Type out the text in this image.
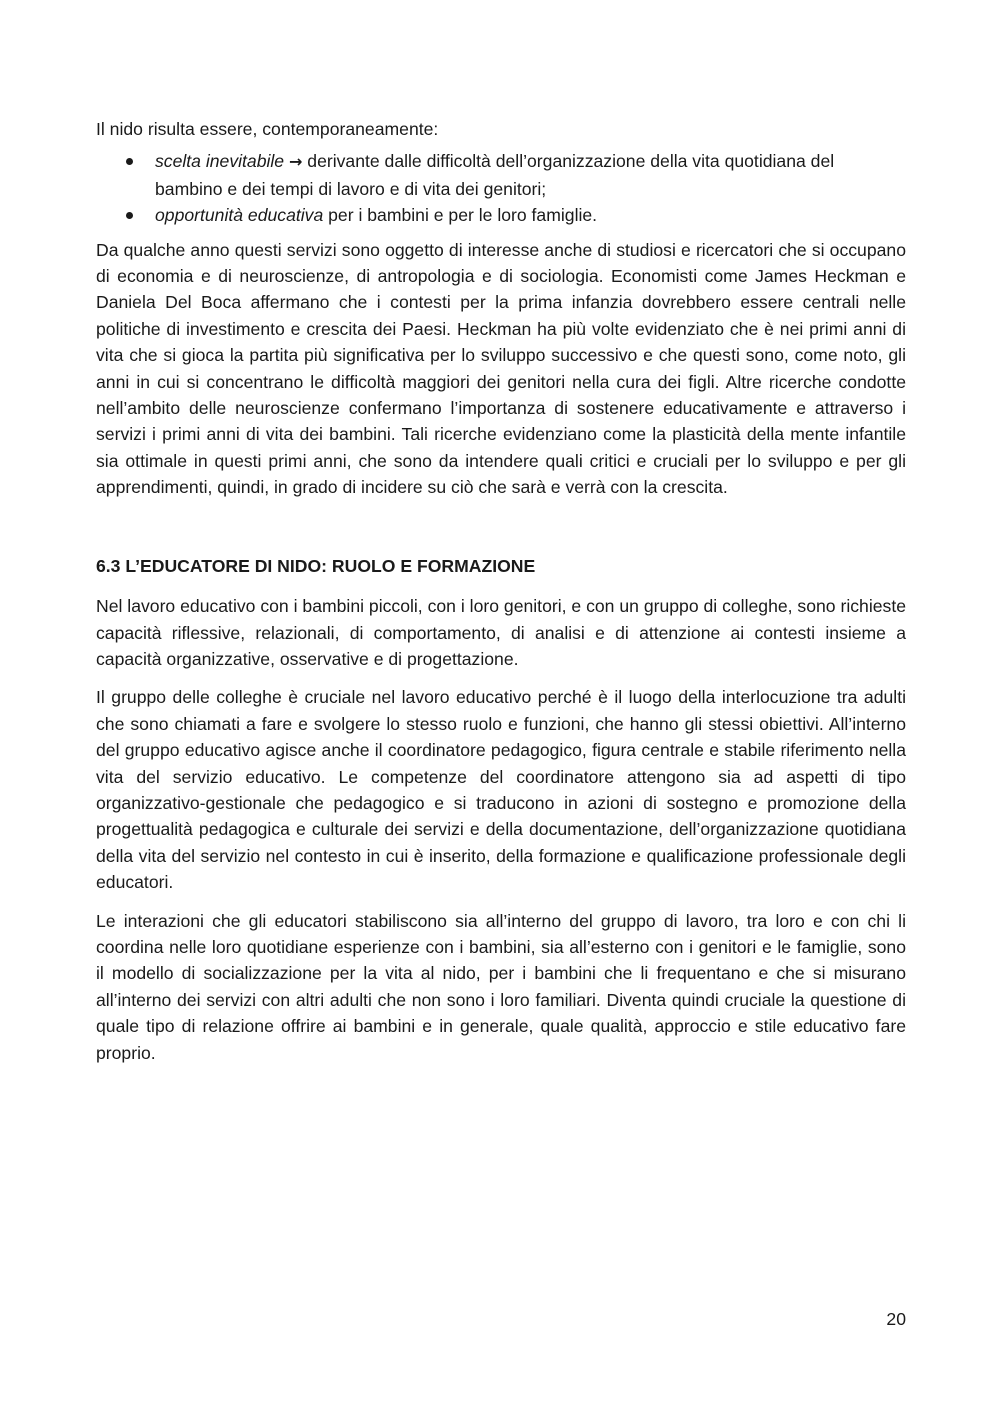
Il nido risulta essere, contemporaneamente:

scelta inevitabile → derivante dalle difficoltà dell’organizzazione della vita quotidiana del bambino e dei tempi di lavoro e di vita dei genitori;
opportunità educativa per i bambini e per le loro famiglie.

Da qualche anno questi servizi sono oggetto di interesse anche di studiosi e ricercatori che si occupano di economia e di neuroscienze, di antropologia e di sociologia. Economisti come James Heckman e Daniela Del Boca affermano che i contesti per la prima infanzia dovrebbero essere centrali nelle politiche di investimento e crescita dei Paesi. Heckman ha più volte evidenziato che è nei primi anni di vita che si gioca la partita più significativa per lo sviluppo successivo e che questi sono, come noto, gli anni in cui si concentrano le difficoltà maggiori dei genitori nella cura dei figli. Altre ricerche condotte nell’ambito delle neuroscienze confermano l’importanza di sostenere educativamente e attraverso i servizi i primi anni di vita dei bambini. Tali ricerche evidenziano come la plasticità della mente infantile sia ottimale in questi primi anni, che sono da intendere quali critici e cruciali per lo sviluppo e per gli apprendimenti, quindi, in grado di incidere su ciò che sarà e verrà con la crescita.

6.3 L’EDUCATORE DI NIDO: RUOLO E FORMAZIONE

Nel lavoro educativo con i bambini piccoli, con i loro genitori, e con un gruppo di colleghe, sono richieste capacità riflessive, relazionali, di comportamento, di analisi e di attenzione ai contesti insieme a capacità organizzative, osservative e di progettazione.

Il gruppo delle colleghe è cruciale nel lavoro educativo perché è il luogo della interlocuzione tra adulti che sono chiamati a fare e svolgere lo stesso ruolo e funzioni, che hanno gli stessi obiettivi. All’interno del gruppo educativo agisce anche il coordinatore pedagogico, figura centrale e stabile riferimento nella vita del servizio educativo. Le competenze del coordinatore attengono sia ad aspetti di tipo organizzativo-gestionale che pedagogico e si traducono in azioni di sostegno e promozione della progettualità pedagogica e culturale dei servizi e della documentazione, dell’organizzazione quotidiana della vita del servizio nel contesto in cui è inserito, della formazione e qualificazione professionale degli educatori.

Le interazioni che gli educatori stabiliscono sia all’interno del gruppo di lavoro, tra loro e con chi li coordina nelle loro quotidiane esperienze con i bambini, sia all’esterno con i genitori e le famiglie, sono il modello di socializzazione per la vita al nido, per i bambini che li frequentano e che si misurano all’interno dei servizi con altri adulti che non sono i loro familiari. Diventa quindi cruciale la questione di quale tipo di relazione offrire ai bambini e in generale, quale qualità, approccio e stile educativo fare proprio.

20
